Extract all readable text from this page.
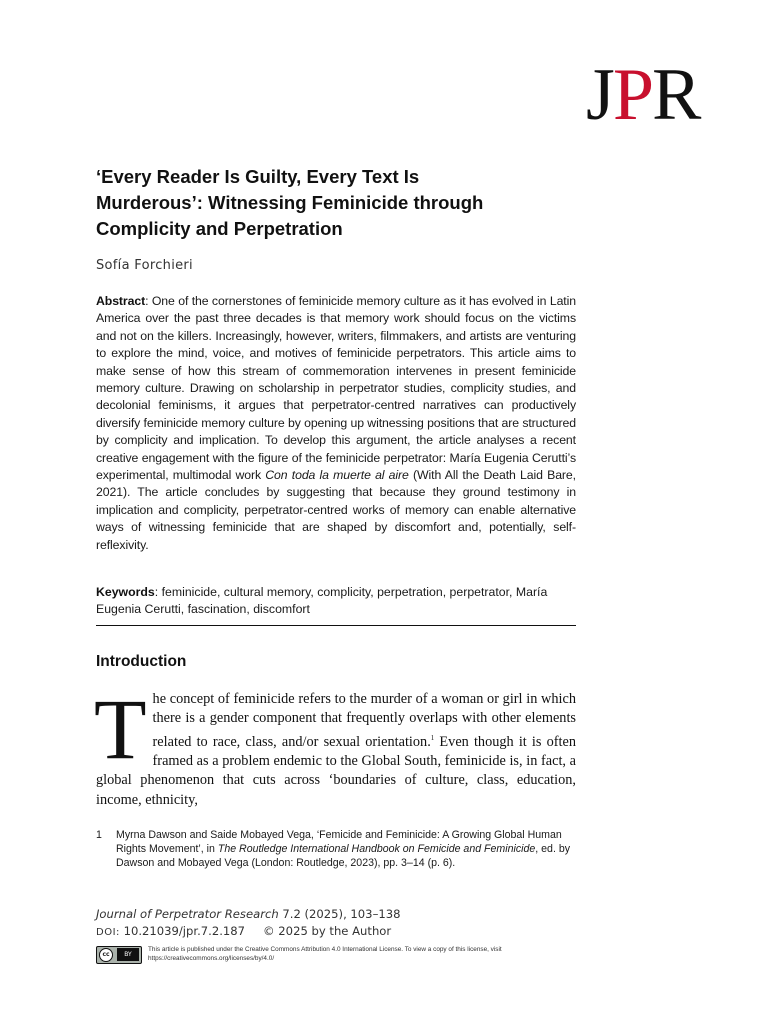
JPR
‘Every Reader Is Guilty, Every Text Is Murderous’: Witnessing Feminicide through Complicity and Perpetration
Sofía Forchieri
Abstract: One of the cornerstones of feminicide memory culture as it has evolved in Latin America over the past three decades is that memory work should focus on the victims and not on the killers. Increasingly, however, writers, filmmakers, and artists are venturing to explore the mind, voice, and motives of feminicide perpetrators. This article aims to make sense of how this stream of commemoration intervenes in present feminicide memory culture. Drawing on scholarship in perpetrator studies, complicity studies, and decolonial feminisms, it argues that perpetrator-centred narratives can productively diversify feminicide memory culture by opening up witnessing positions that are structured by complicity and implication. To develop this argument, the article analyses a recent creative engagement with the figure of the feminicide perpetrator: María Eugenia Cerutti’s experimental, multimodal work Con toda la muerte al aire (With All the Death Laid Bare, 2021). The article concludes by suggesting that because they ground testimony in implication and complicity, perpetrator-centred works of memory can enable alternative ways of witnessing feminicide that are shaped by discomfort and, potentially, self-reflexivity.
Keywords: feminicide, cultural memory, complicity, perpetration, perpetrator, María Eugenia Cerutti, fascination, discomfort
Introduction
The concept of feminicide refers to the murder of a woman or girl in which there is a gender component that frequently overlaps with other elements related to race, class, and/or sexual orientation.$^1$ Even though it is often framed as a problem endemic to the Global South, feminicide is, in fact, a global phenomenon that cuts across ‘boundaries of culture, class, education, income, ethnicity,
1 Myrna Dawson and Saide Mobayed Vega, ‘Femicide and Feminicide: A Growing Global Human Rights Movement’, in The Routledge International Handbook on Femicide and Feminicide, ed. by Dawson and Mobayed Vega (London: Routledge, 2023), pp. 3–14 (p. 6).
Journal of Perpetrator Research 7.2 (2025), 103–138
DOI: 10.21039/jpr.7.2.187 © 2025 by the Author
cc	BY
This article is published under the Creative Commons Attribution 4.0 International License. To view a copy of this license, visit https://creativecommons.org/licenses/by/4.0/
